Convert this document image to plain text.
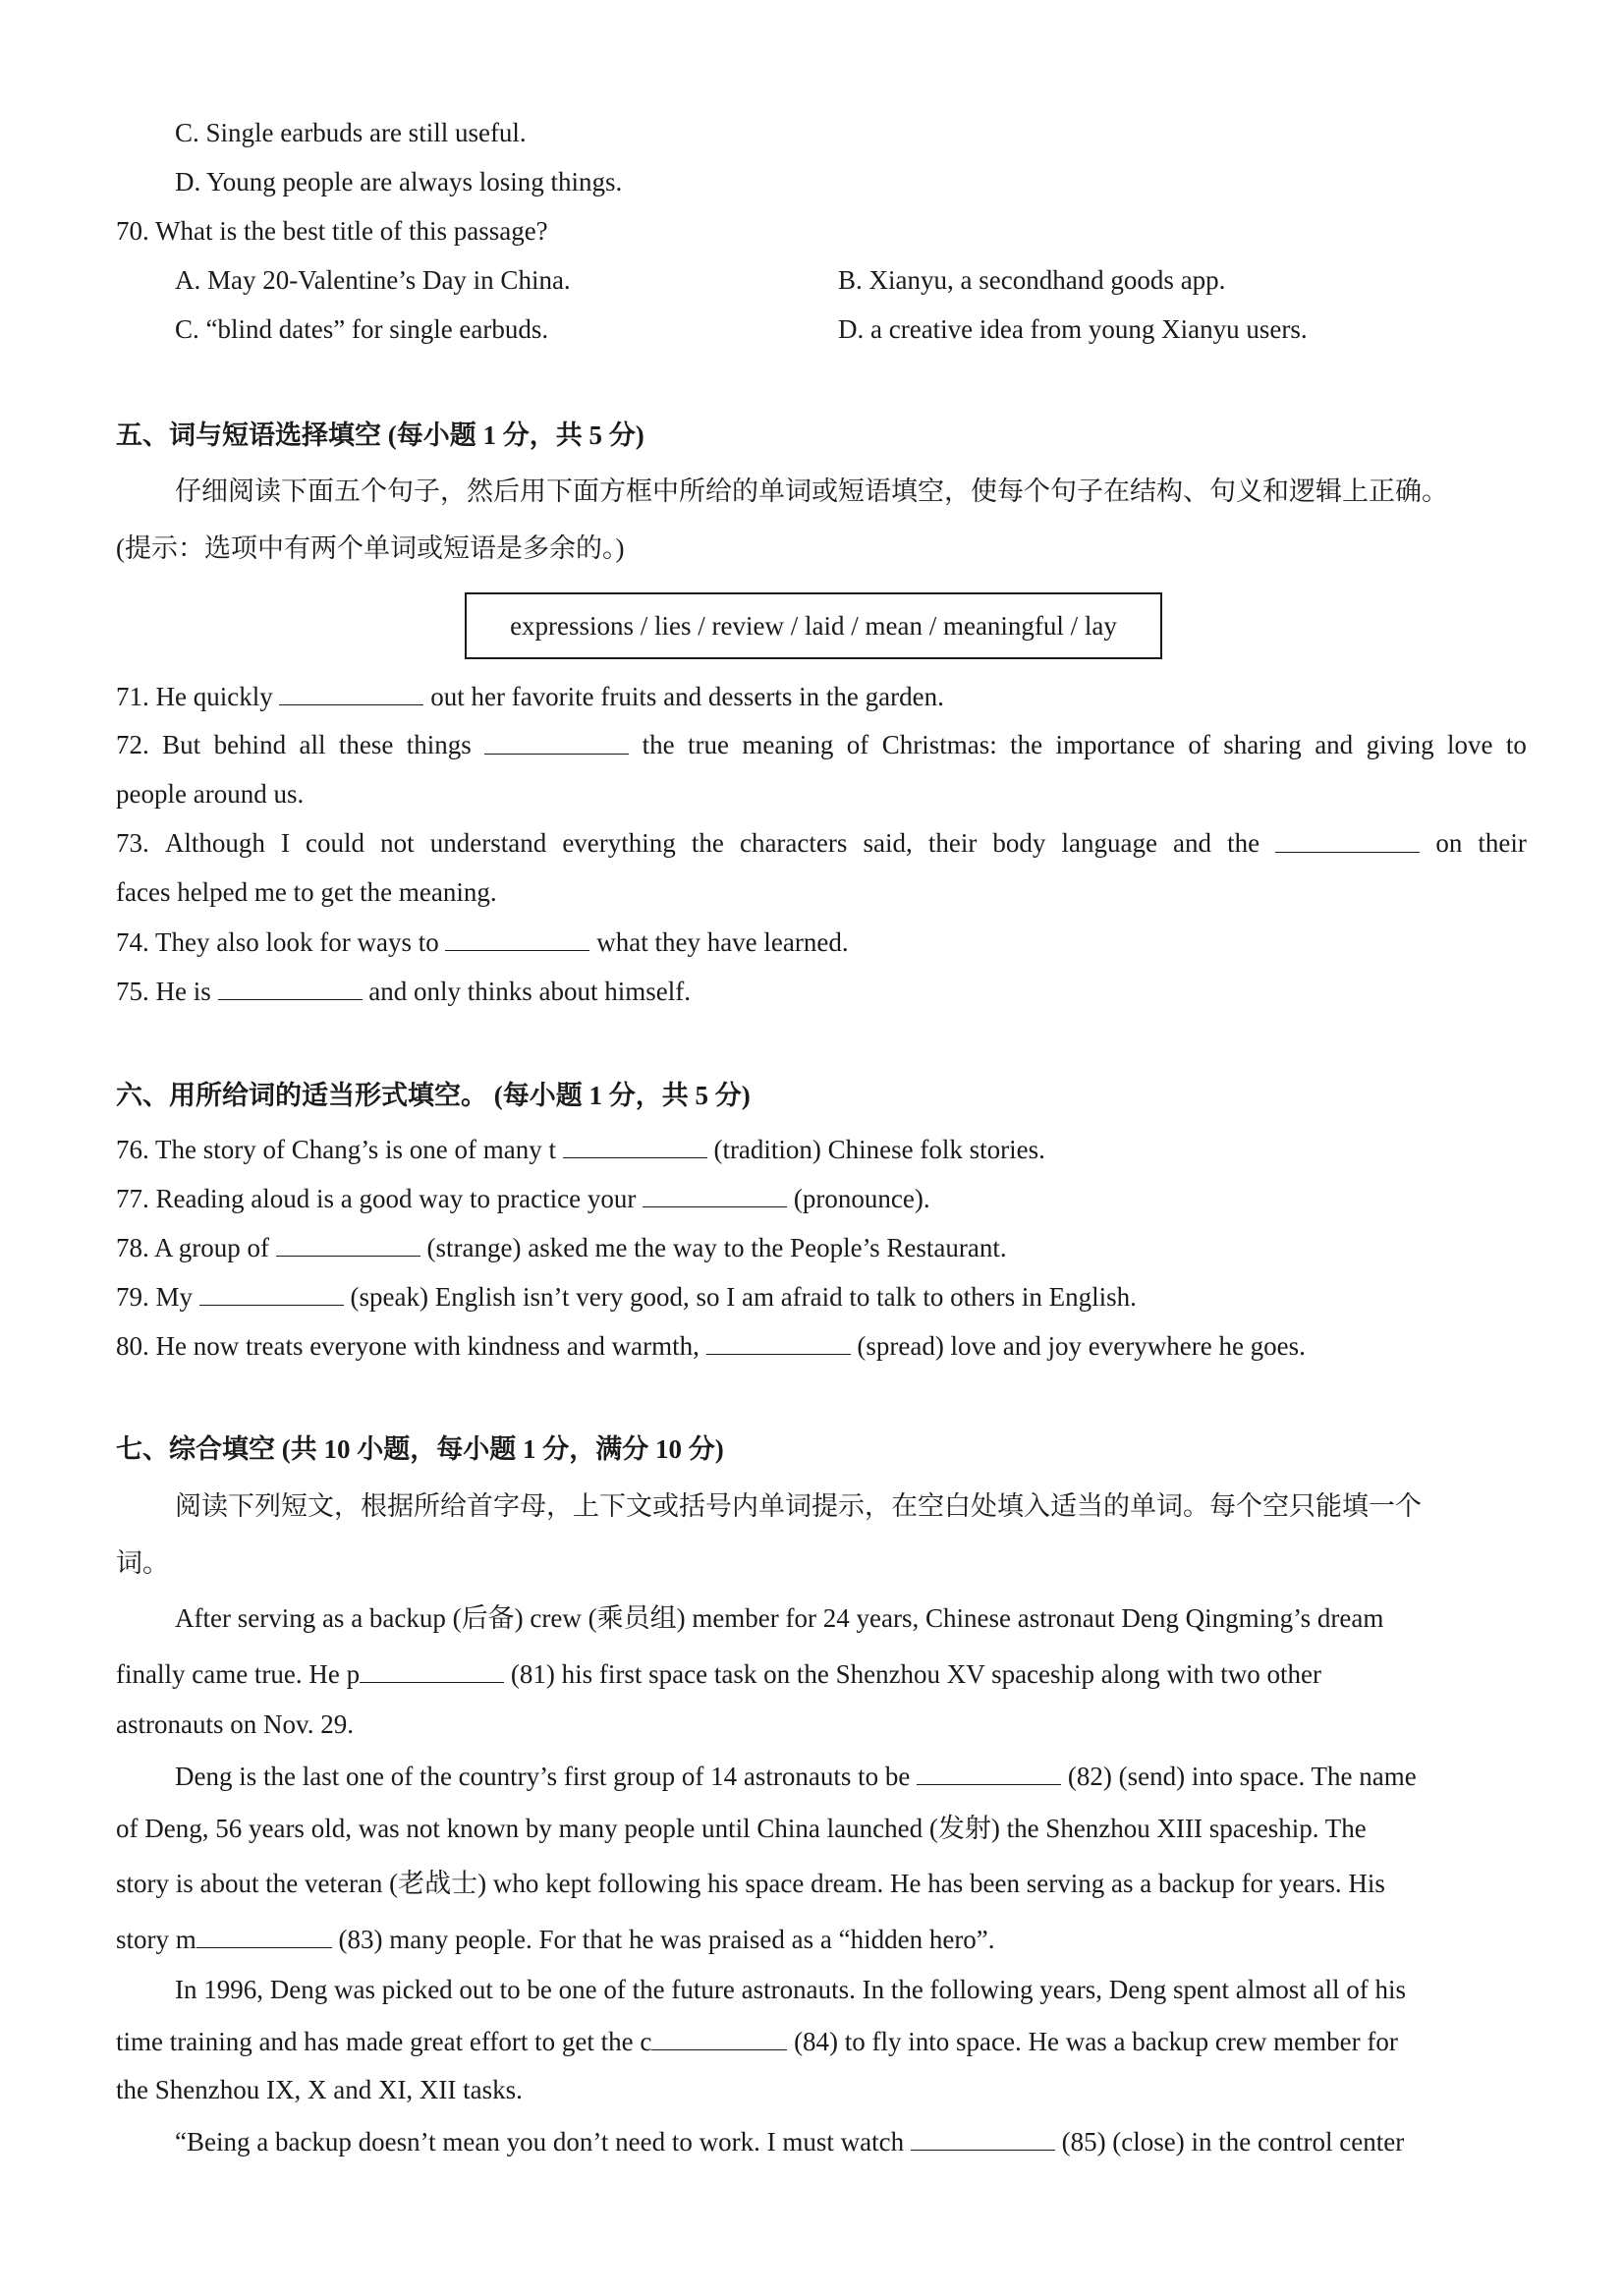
C. Single earbuds are still useful.
D. Young people are always losing things.
70. What is the best title of this passage?
A. May 20-Valentine’s Day in China.	B. Xianyu, a secondhand goods app.
C. “blind dates” for single earbuds.	D. a creative idea from young Xianyu users.
五、词与短语选择填空 (每小题 1 分，共 5 分)
仔细阅读下面五个句子，然后用下面方框中所给的单词或短语填空，使每个句子在结构、句义和逻辑上正确。
(提示：选项中有两个单词或短语是多余的。)
expressions / lies / review / laid / mean / meaningful / lay
71. He quickly	out her favorite fruits and desserts in the garden.
72. But behind all these things	the true meaning of Christmas: the importance of sharing and giving love to
people around us.
73. Although I could not understand everything the characters said, their body language and the	on their
faces helped me to get the meaning.
74. They also look for ways to	what they have learned.
75. He is	and only thinks about himself.
六、用所给词的适当形式填空。 (每小题 1 分，共 5 分)
76. The story of Chang’s is one of many t	(tradition) Chinese folk stories.
77. Reading aloud is a good way to practice your	(pronounce).
78. A group of	(strange) asked me the way to the People’s Restaurant.
79. My	(speak) English isn’t very good, so I am afraid to talk to others in English.
80. He now treats everyone with kindness and warmth,	(spread) love and joy everywhere he goes.
七、综合填空 (共 10 小题，每小题 1 分，满分 10 分)
阅读下列短文，根据所给首字母，上下文或括号内单词提示，在空白处填入适当的单词。每个空只能填一个
词。
After serving as a backup (后备) crew (乘员组) member for 24 years, Chinese astronaut Deng Qingming’s dream
finally came true. He p	(81) his first space task on the Shenzhou XV spaceship along with two other
astronauts on Nov. 29.
Deng is the last one of the country’s first group of 14 astronauts to be	(82) (send) into space. The name
of Deng, 56 years old, was not known by many people until China launched (发射) the Shenzhou XIII spaceship. The
story is about the veteran (老战士) who kept following his space dream. He has been serving as a backup for years. His
story m	(83) many people. For that he was praised as a “hidden hero”.
In 1996, Deng was picked out to be one of the future astronauts. In the following years, Deng spent almost all of his
time training and has made great effort to get the c	(84) to fly into space. He was a backup crew member for
the Shenzhou IX, X and XI, XII tasks.
“Being a backup doesn’t mean you don’t need to work. I must watch	(85) (close) in the control center
